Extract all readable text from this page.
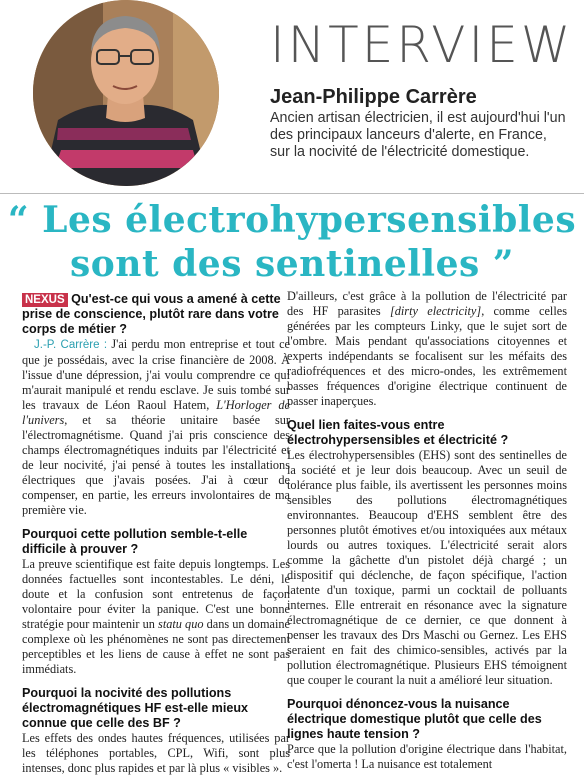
INTERVIEW
Jean-Philippe Carrère
Ancien artisan électricien, il est aujourd'hui l'un des principaux lanceurs d'alerte, en France, sur la nocivité de l'électricité domestique.
“ Les électrohypersensibles
sont des sentinelles ”

NEXUS Qu'est-ce qui vous a amené à cette prise de conscience, plutôt rare dans votre corps de métier ?

J.-P. Carrère : J'ai perdu mon entreprise et tout ce que je possédais, avec la crise financière de 2008. À l'issue d'une dépression, j'ai voulu comprendre ce qui m'aurait manipulé et rendu esclave. Je suis tombé sur les travaux de Léon Raoul Hatem, L'Horloger de l'univers, et sa théorie unitaire basée sur l'électromagnétisme. Quand j'ai pris conscience des champs électromagnétiques induits par l'électricité et de leur nocivité, j'ai pensé à toutes les installations électriques que j'avais posées. J'ai à cœur de compenser, en partie, les erreurs involontaires de ma première vie.

Pourquoi cette pollution semble-t-elle difficile à prouver ?

La preuve scientifique est faite depuis longtemps. Les données factuelles sont incontestables. Le déni, le doute et la confusion sont entretenus de façon volontaire pour éviter la panique. C'est une bonne stratégie pour maintenir un statu quo dans un domaine complexe où les phénomènes ne sont pas directement perceptibles et les liens de cause à effet ne sont pas immédiats.

Pourquoi la nocivité des pollutions électromagnétiques HF est-elle mieux connue que celle des BF ?

Les effets des ondes hautes fréquences, utilisées par les téléphones portables, CPL, Wifi, sont plus intenses, donc plus rapides et par là plus « visibles ».

D'ailleurs, c'est grâce à la pollution de l'électricité par des HF parasites [dirty electricity], comme celles générées par les compteurs Linky, que le sujet sort de l'ombre. Mais pendant qu'associations citoyennes et experts indépendants se focalisent sur les méfaits des radiofréquences et des micro-ondes, les extrêmement basses fréquences d'origine électrique continuent de passer inaperçues.

Quel lien faites-vous entre électrohypersensibles et électricité ?

Les électrohypersensibles (EHS) sont des sentinelles de la société et je leur dois beaucoup. Avec un seuil de tolérance plus faible, ils avertissent les personnes moins sensibles des pollutions électromagnétiques environnantes. Beaucoup d'EHS semblent être des personnes plutôt émotives et/ou intoxiquées aux métaux lourds ou autres toxiques. L'électricité serait alors comme la gâchette d'un pistolet déjà chargé ; un dispositif qui déclenche, de façon spécifique, l'action latente d'un toxique, parmi un cocktail de polluants internes. Elle entrerait en résonance avec la signature électromagnétique de ce dernier, ce que donnent à penser les travaux des Drs Maschi ou Gernez. Les EHS seraient en fait des chimico-sensibles, activés par la pollution électromagnétique. Plusieurs EHS témoignent que couper le courant la nuit a amélioré leur situation.

Pourquoi dénoncez-vous la nuisance électrique domestique plutôt que celle des lignes haute tension ?

Parce que la pollution d'origine électrique dans l'habitat, c'est l'omerta ! La nuisance est totalement
